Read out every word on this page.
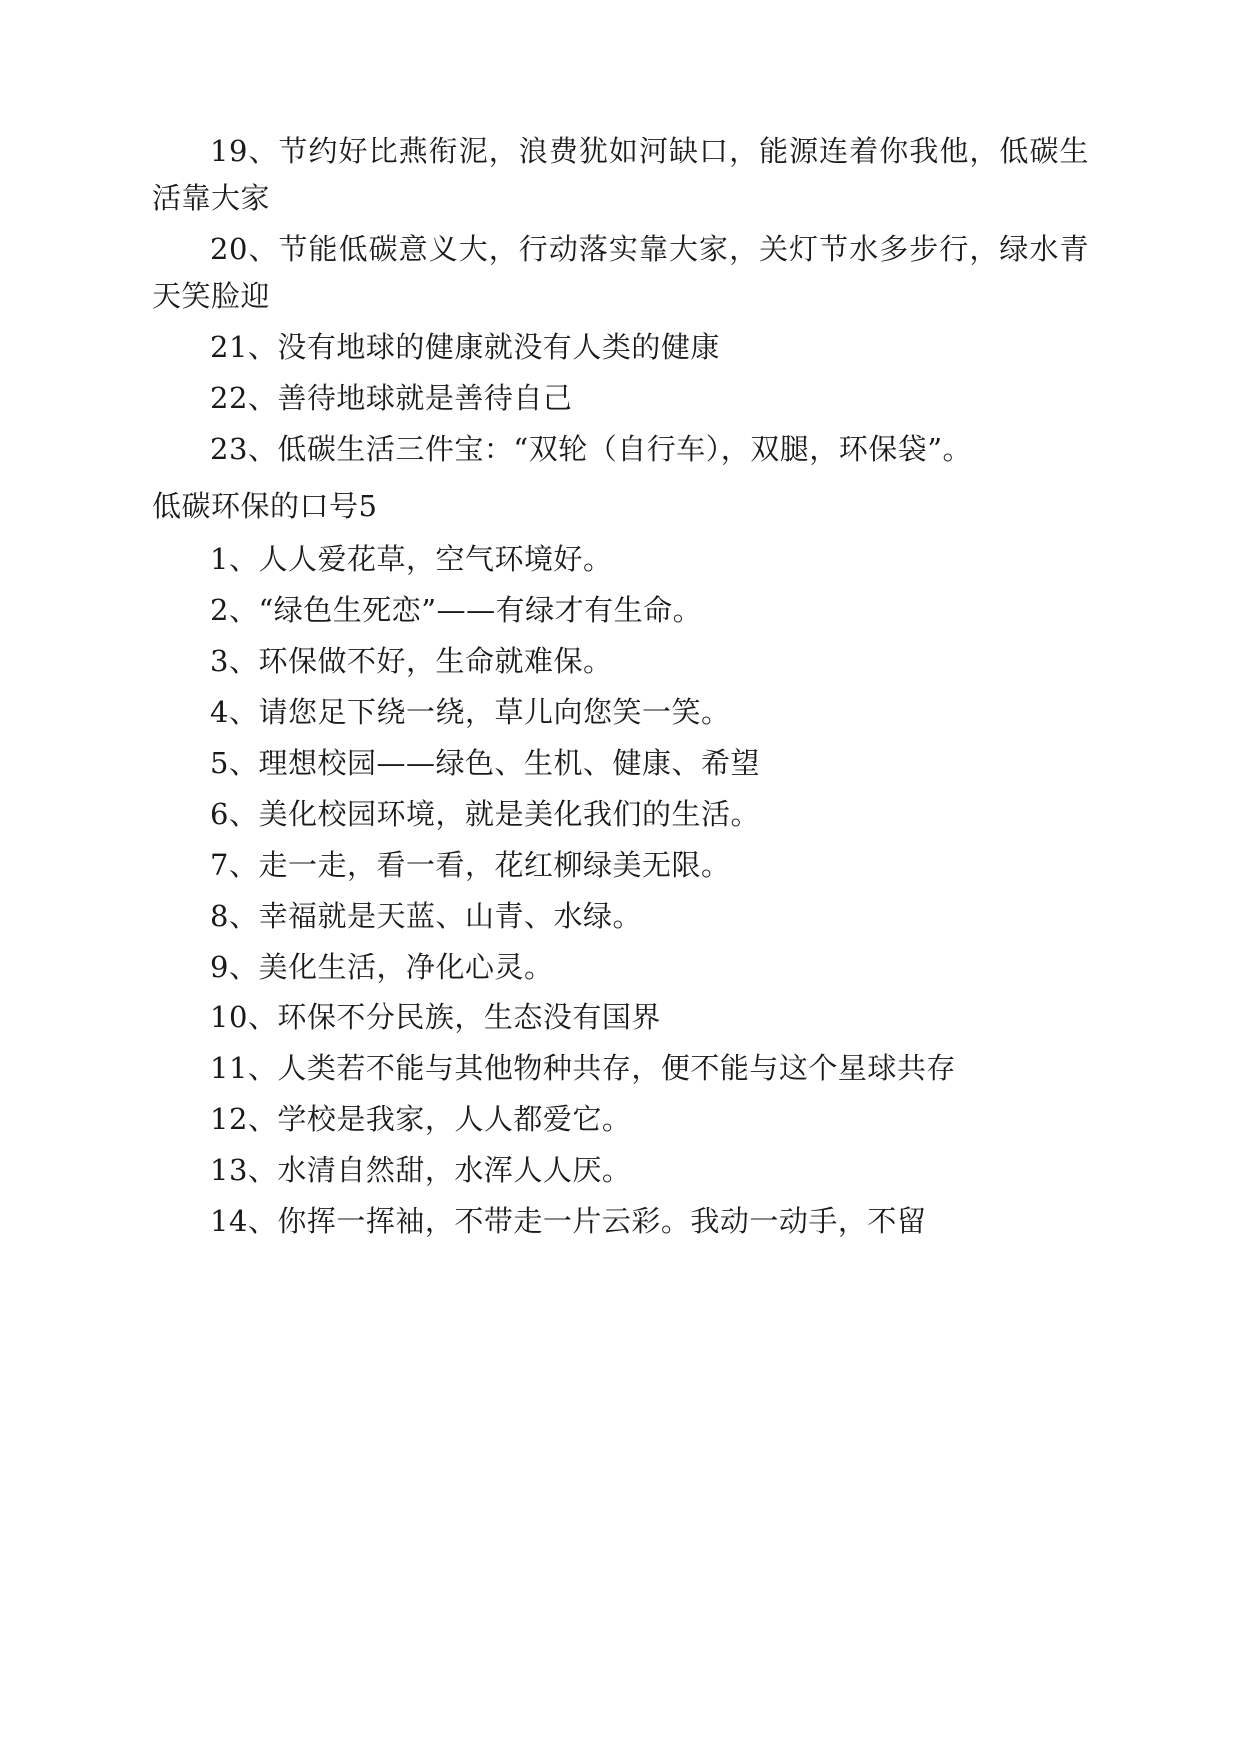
19、节约好比燕衔泥，浪费犹如河缺口，能源连着你我他，低碳生活靠大家

20、节能低碳意义大，行动落实靠大家，关灯节水多步行，绿水青天笑脸迎

21、没有地球的健康就没有人类的健康

22、善待地球就是善待自己

23、低碳生活三件宝：“双轮（自行车），双腿，环保袋”。

低碳环保的口号5

1、人人爱花草，空气环境好。

2、“绿色生死恋”——有绿才有生命。

3、环保做不好，生命就难保。

4、请您足下绕一绕，草儿向您笑一笑。

5、理想校园——绿色、生机、健康、希望

6、美化校园环境，就是美化我们的生活。

7、走一走，看一看，花红柳绿美无限。

8、幸福就是天蓝、山青、水绿。

9、美化生活，净化心灵。

10、环保不分民族，生态没有国界

11、人类若不能与其他物种共存，便不能与这个星球共存

12、学校是我家，人人都爱它。

13、水清自然甜，水浑人人厌。

14、你挥一挥袖，不带走一片云彩。我动一动手，不留
